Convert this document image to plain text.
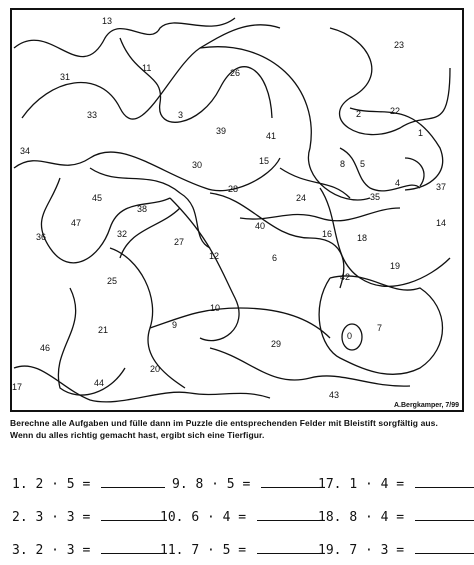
13
23
11	26
31
2	22
33	3
39	41	1
34
30	15	8 5
4	37
28
24	35
45
38
47
32
40
16
14
36	27	18
12	6
19
25	42
10
21	9
29
0
7
46
20
44
43
17
A.Bergkamper, 7/99
Berechne alle Aufgaben und fülle dann im Puzzle die entsprechenden Felder mit Bleistift sorgfältig aus.
Wenn du alles richtig gemacht hast, ergibt sich eine Tierfigur.
1. 2 · 5 =
2. 3 · 3 =
3. 2 · 3 =
9. 8 · 5 =
10. 6 · 4 =
11. 7 · 5 =
17. 1 · 4 =
18. 8 · 4 =
19. 7 · 3 =
